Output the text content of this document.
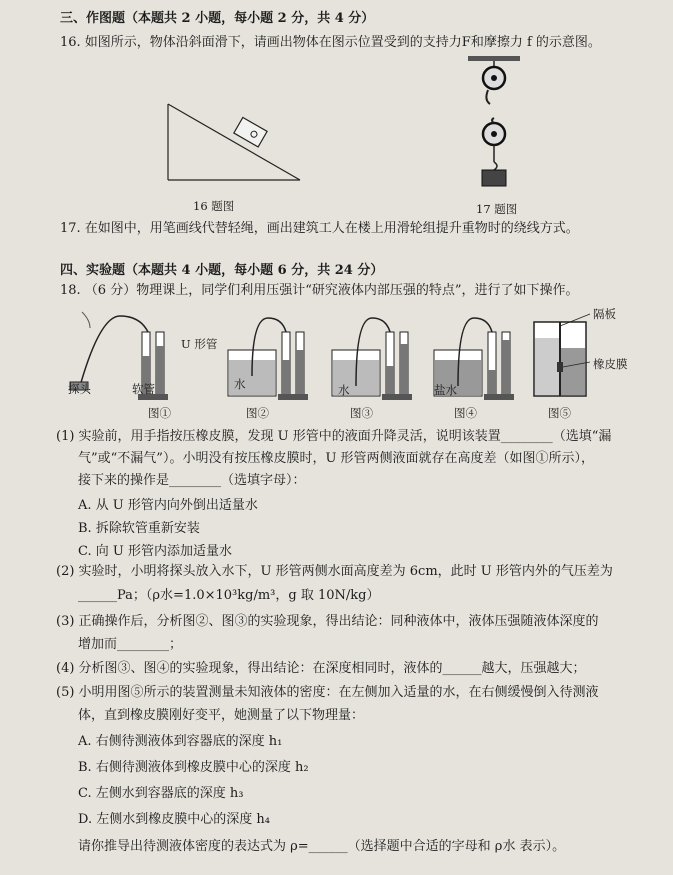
三、作图题（本题共 2 小题，每小题 2 分，共 4 分）
16. 如图所示，物体沿斜面滑下，请画出物体在图示位置受到的支持力F和摩擦力 f 的示意图。
16 题图	17 题图
17. 在如图中，用笔画线代替轻绳，画出建筑工人在楼上用滑轮组提升重物时的绕线方式。
四、实验题（本题共 4 小题，每小题 6 分，共 24 分）
18. （6 分）物理课上，同学们利用压强计“研究液体内部压强的特点”，进行了如下操作。
U 形管
探头	软管	水	水	盐水
隔板
橡皮膜
图①	图②	图③	图④	图⑤
(1) 实验前，用手指按压橡皮膜，发现 U 形管中的液面升降灵活，说明该装置________（选填“漏
气”或“不漏气”）。小明没有按压橡皮膜时，U 形管两侧液面就存在高度差（如图①所示），
接下来的操作是________（选填字母）：
A. 从 U 形管内向外倒出适量水
B. 拆除软管重新安装
C. 向 U 形管内添加适量水
(2) 实验时，小明将探头放入水下，U 形管两侧水面高度差为 6cm，此时 U 形管内外的气压差为
______Pa；（ρ水=1.0×10³kg/m³，g 取 10N/kg）
(3) 正确操作后，分析图②、图③的实验现象，得出结论：同种液体中，液体压强随液体深度的
增加而________；
(4) 分析图③、图④的实验现象，得出结论：在深度相同时，液体的______越大，压强越大；
(5) 小明用图⑤所示的装置测量未知液体的密度：在左侧加入适量的水，在右侧缓慢倒入待测液
体，直到橡皮膜刚好变平，她测量了以下物理量：
A. 右侧待测液体到容器底的深度 h₁
B. 右侧待测液体到橡皮膜中心的深度 h₂
C. 左侧水到容器底的深度 h₃
D. 左侧水到橡皮膜中心的深度 h₄
请你推导出待测液体密度的表达式为 ρ=______（选择题中合适的字母和 ρ水 表示）。
